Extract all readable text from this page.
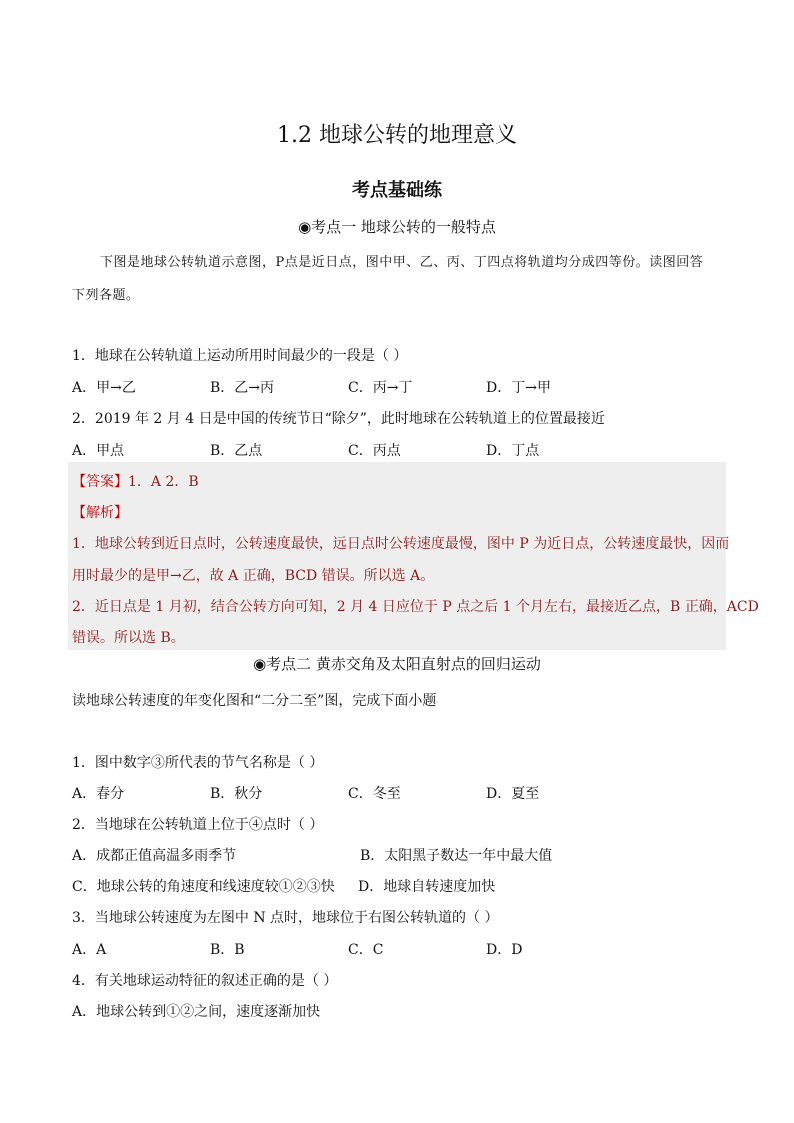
1.2 地球公转的地理意义
考点基础练
◉考点一 地球公转的一般特点
下图是地球公转轨道示意图，P点是近日点，图中甲、乙、丙、丁四点将轨道均分成四等份。读图回答
下列各题。
1．地球在公转轨道上运动所用时间最少的一段是（ ）
A．甲→乙	B．乙→丙	C．丙→丁	D．丁→甲
2．2019 年 2 月 4 日是中国的传统节日“除夕”，此时地球在公转轨道上的位置最接近
A．甲点	B．乙点	C．丙点	D．丁点
【答案】1．A 2．B
【解析】
1．地球公转到近日点时，公转速度最快，远日点时公转速度最慢，图中 P 为近日点，公转速度最快，因而
用时最少的是甲→乙，故 A 正确，BCD 错误。所以选 A。
2．近日点是 1 月初，结合公转方向可知，2 月 4 日应位于 P 点之后 1 个月左右，最接近乙点，B 正确，ACD
错误。所以选 B。
◉考点二 黄赤交角及太阳直射点的回归运动
读地球公转速度的年变化图和“二分二至”图，完成下面小题
1．图中数字③所代表的节气名称是（ ）
A．春分	B．秋分	C．冬至	D．夏至
2．当地球在公转轨道上位于④点时（ ）
A．成都正值高温多雨季节	B．太阳黑子数达一年中最大值
C．地球公转的角速度和线速度较①②③快 D．地球自转速度加快
3．当地球公转速度为左图中 N 点时，地球位于右图公转轨道的（ ）
A．A	B．B	C．C	D．D
4．有关地球运动特征的叙述正确的是（ ）
A．地球公转到①②之间，速度逐渐加快
